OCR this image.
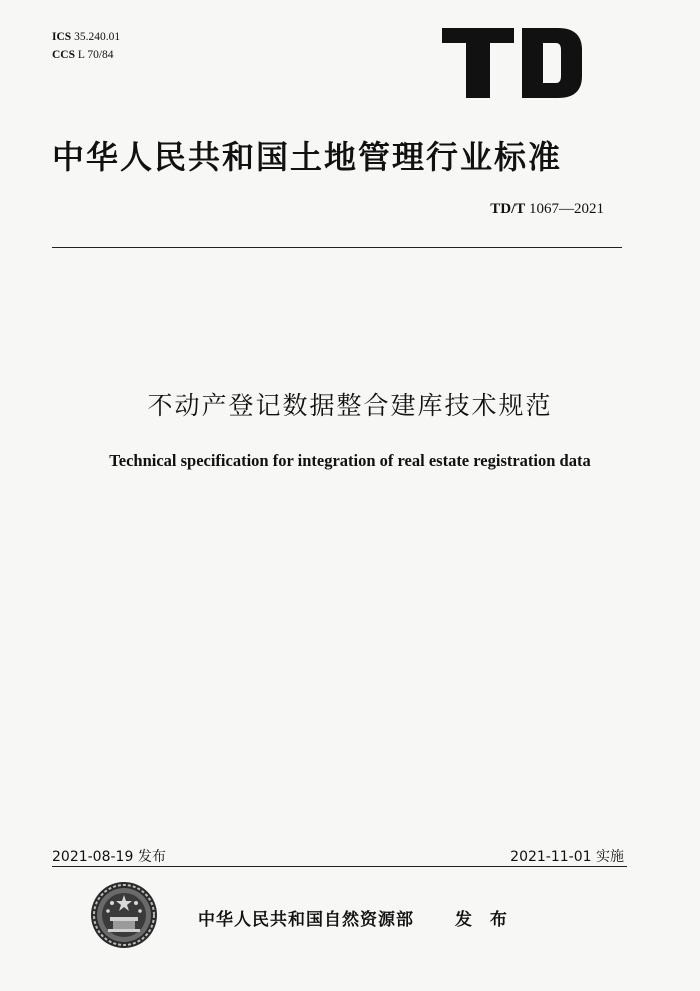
ICS 35.240.01
CCS L 70/84
中华人民共和国土地管理行业标准
TD/T 1067—2021
不动产登记数据整合建库技术规范
Technical specification for integration of real estate registration data
2021-08-19 发布	2021-11-01 实施
中华人民共和国自然资源部 发 布
